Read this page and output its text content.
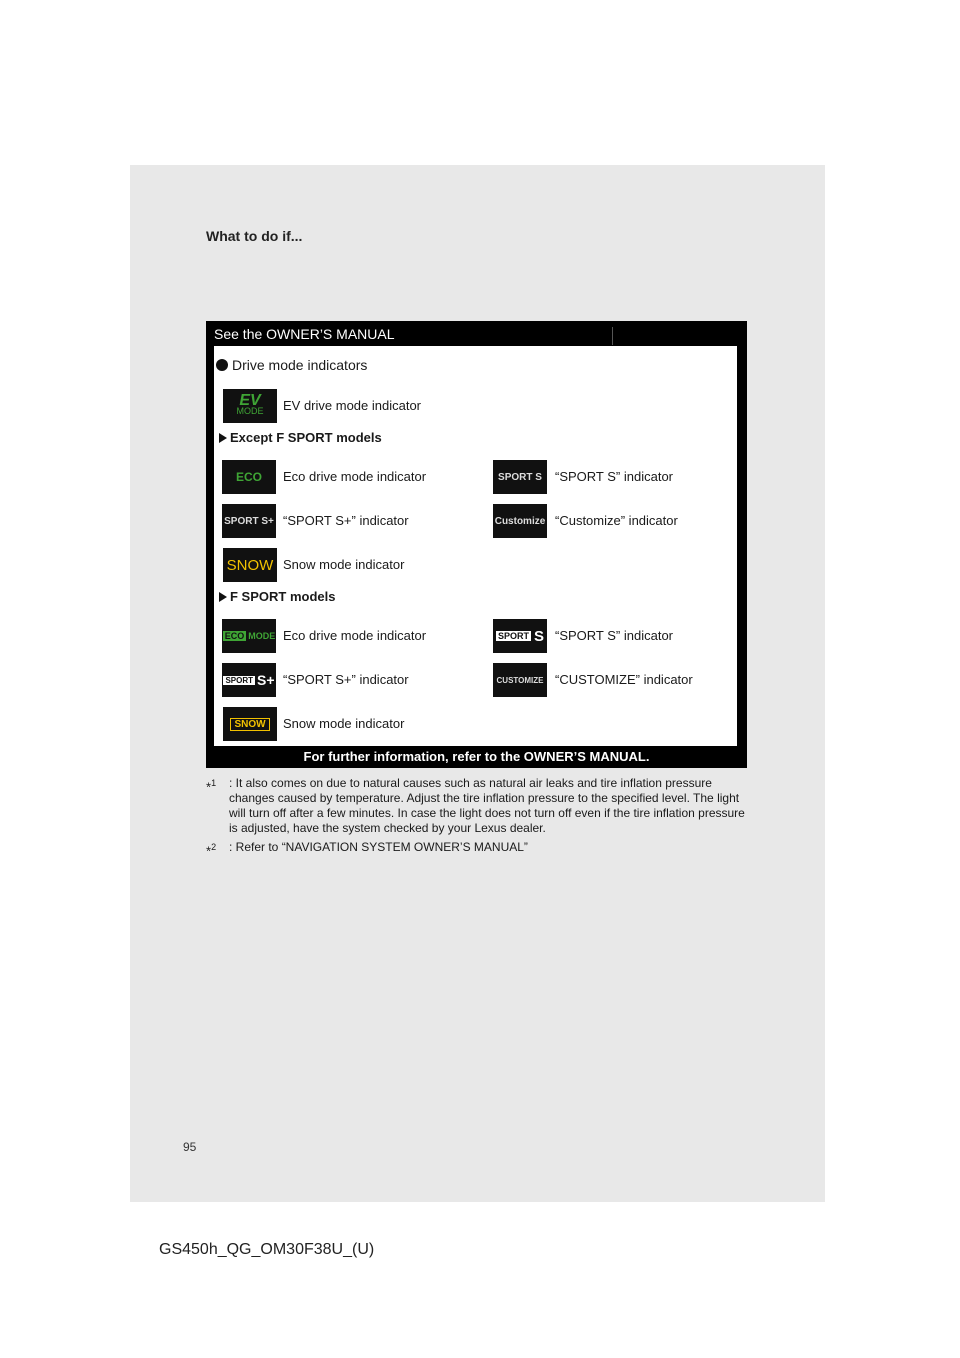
What to do if...
See the OWNER’S MANUAL
Drive mode indicators
EV
MODE EV drive mode indicator
Except F SPORT models
ECO Eco drive mode indicator	SPORT S “SPORT S” indicator
SPORT S+ “SPORT S+” indicator	Customize “Customize” indicator
SNOW Snow mode indicator
F SPORT models
ECO MODE Eco drive mode indicator	SPORT S “SPORT S” indicator
SPORT S+ “SPORT S+” indicator	CUSTOMIZE “CUSTOMIZE” indicator
SNOW	Snow mode indicator
For further information, refer to the OWNER’S MANUAL.
*$^1$ : It also comes on due to natural causes such as natural air leaks and tire inflation pressure changes caused by temperature. Adjust the tire inflation pressure to the specified level. The light will turn off after a few minutes. In case the light does not turn off even if the tire inflation pressure is adjusted, have the system checked by your Lexus dealer.
*$^2$ : Refer to “NAVIGATION SYSTEM OWNER’S MANUAL”
95
GS450h_QG_OM30F38U_(U)
